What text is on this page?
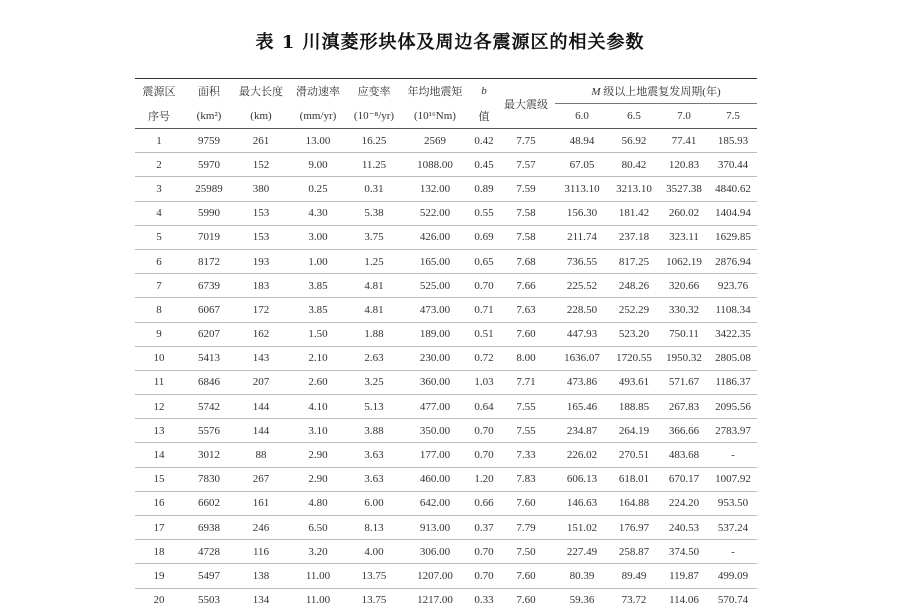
表 1 川滇菱形块体及周边各震源区的相关参数
震源区	面积	最大长度	滑动速率	应变率	年均地震矩	b	最大震级	M 级以上地震复发周期(年)			
序号	(km²)	(km)	(mm/yr)	(10⁻⁸/yr)	(10¹⁶Nm)	值		6.0	6.5	7.0	7.5
1	9759	261	13.00	16.25	2569	0.42	7.75	48.94	56.92	77.41	185.93
2	5970	152	9.00	11.25	1088.00	0.45	7.57	67.05	80.42	120.83	370.44
3	25989	380	0.25	0.31	132.00	0.89	7.59	3113.10	3213.10	3527.38	4840.62
4	5990	153	4.30	5.38	522.00	0.55	7.58	156.30	181.42	260.02	1404.94
5	7019	153	3.00	3.75	426.00	0.69	7.58	211.74	237.18	323.11	1629.85
6	8172	193	1.00	1.25	165.00	0.65	7.68	736.55	817.25	1062.19	2876.94
7	6739	183	3.85	4.81	525.00	0.70	7.66	225.52	248.26	320.66	923.76
8	6067	172	3.85	4.81	473.00	0.71	7.63	228.50	252.29	330.32	1108.34
9	6207	162	1.50	1.88	189.00	0.51	7.60	447.93	523.20	750.11	3422.35
10	5413	143	2.10	2.63	230.00	0.72	8.00	1636.07	1720.55	1950.32	2805.08
11	6846	207	2.60	3.25	360.00	1.03	7.71	473.86	493.61	571.67	1186.37
12	5742	144	4.10	5.13	477.00	0.64	7.55	165.46	188.85	267.83	2095.56
13	5576	144	3.10	3.88	350.00	0.70	7.55	234.87	264.19	366.66	2783.97
14	3012	88	2.90	3.63	177.00	0.70	7.33	226.02	270.51	483.68	-
15	7830	267	2.90	3.63	460.00	1.20	7.83	606.13	618.01	670.17	1007.92
16	6602	161	4.80	6.00	642.00	0.66	7.60	146.63	164.88	224.20	953.50
17	6938	246	6.50	8.13	913.00	0.37	7.79	151.02	176.97	240.53	537.24
18	4728	116	3.20	4.00	306.00	0.70	7.50	227.49	258.87	374.50	-
19	5497	138	11.00	13.75	1207.00	0.70	7.60	80.39	89.49	119.87	499.09
20	5503	134	11.00	13.75	1217.00	0.33	7.60	59.36	73.72	114.06	570.74
